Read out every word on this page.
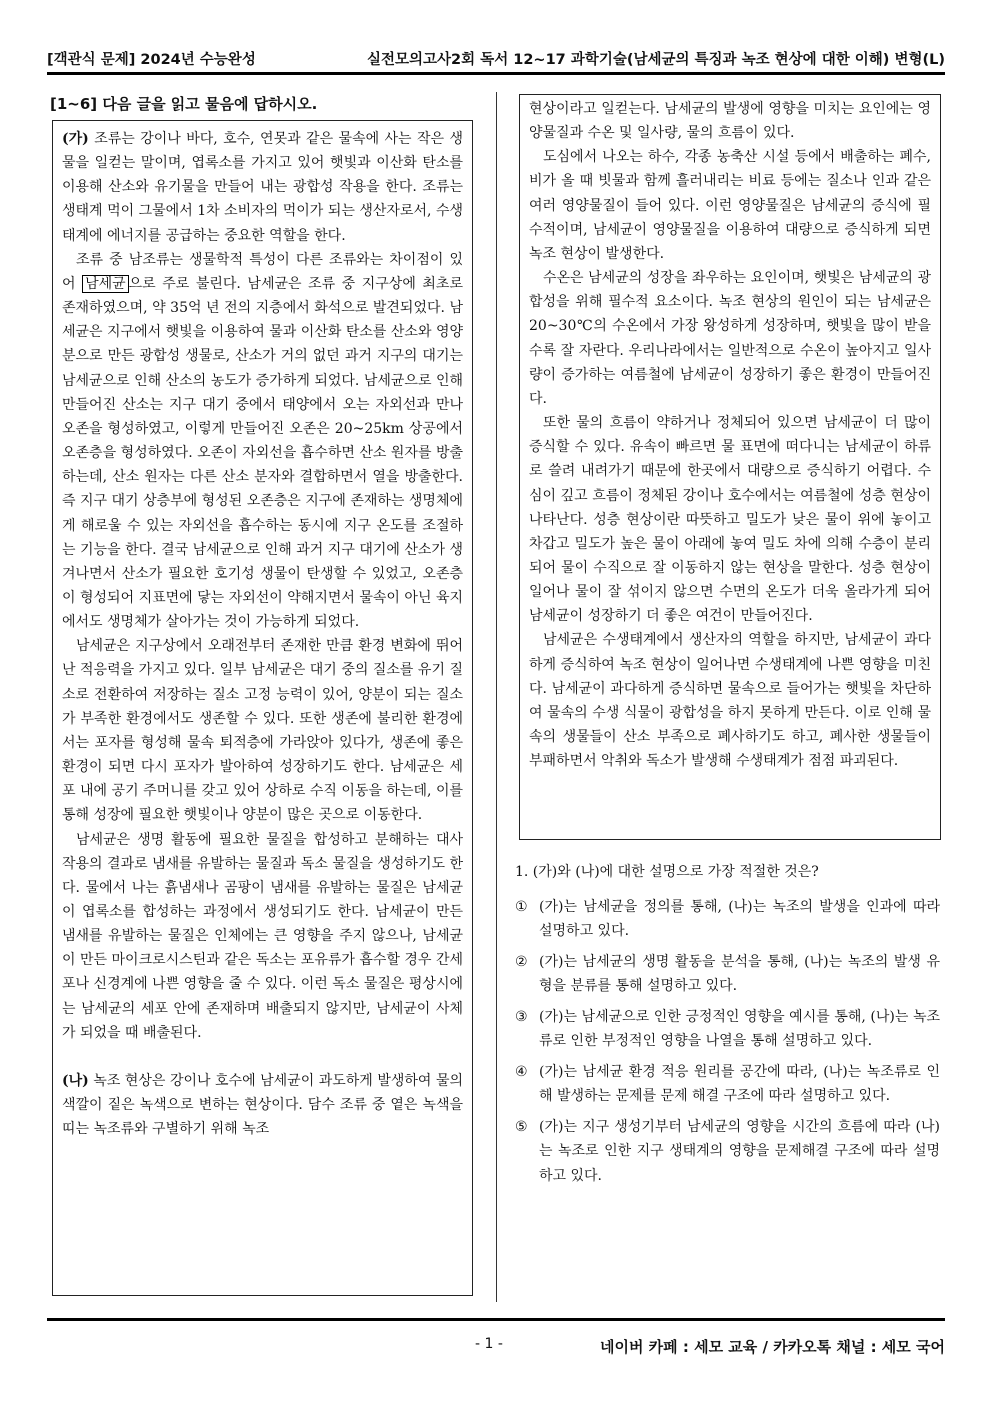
[객관식 문제] 2024년 수능완성	실전모의고사2회 독서 12~17 과학기술(남세균의 특징과 녹조 현상에 대한 이해) 변형(L)
[1~6] 다음 글을 읽고 물음에 답하시오.

(가) 조류는 강이나 바다, 호수, 연못과 같은 물속에 사는 작은 생물을 일컫는 말이며, 엽록소를 가지고 있어 햇빛과 이산화 탄소를 이용해 산소와 유기물을 만들어 내는 광합성 작용을 한다. 조류는 생태계 먹이 그물에서 1차 소비자의 먹이가 되는 생산자로서, 수생태계에 에너지를 공급하는 중요한 역할을 한다.

조류 중 남조류는 생물학적 특성이 다른 조류와는 차이점이 있어 남세균 으로 주로 불린다. 남세균은 조류 중 지구상에 최초로 존재하였으며, 약 35억 년 전의 지층에서 화석으로 발견되었다. 남세균은 지구에서 햇빛을 이용하여 물과 이산화 탄소를 산소와 영양분으로 만든 광합성 생물로, 산소가 거의 없던 과거 지구의 대기는 남세균으로 인해 산소의 농도가 증가하게 되었다. 남세균으로 인해 만들어진 산소는 지구 대기 중에서 태양에서 오는 자외선과 만나 오존을 형성하였고, 이렇게 만들어진 오존은 20~25km 상공에서 오존층을 형성하였다. 오존이 자외선을 흡수하면 산소 원자를 방출하는데, 산소 원자는 다른 산소 분자와 결합하면서 열을 방출한다. 즉 지구 대기 상층부에 형성된 오존층은 지구에 존재하는 생명체에게 해로울 수 있는 자외선을 흡수하는 동시에 지구 온도를 조절하는 기능을 한다. 결국 남세균으로 인해 과거 지구 대기에 산소가 생겨나면서 산소가 필요한 호기성 생물이 탄생할 수 있었고, 오존층이 형성되어 지표면에 닿는 자외선이 약해지면서 물속이 아닌 육지에서도 생명체가 살아가는 것이 가능하게 되었다.

남세균은 지구상에서 오래전부터 존재한 만큼 환경 변화에 뛰어난 적응력을 가지고 있다. 일부 남세균은 대기 중의 질소를 유기 질소로 전환하여 저장하는 질소 고정 능력이 있어, 양분이 되는 질소가 부족한 환경에서도 생존할 수 있다. 또한 생존에 불리한 환경에서는 포자를 형성해 물속 퇴적층에 가라앉아 있다가, 생존에 좋은 환경이 되면 다시 포자가 발아하여 성장하기도 한다. 남세균은 세포 내에 공기 주머니를 갖고 있어 상하로 수직 이동을 하는데, 이를 통해 성장에 필요한 햇빛이나 양분이 많은 곳으로 이동한다.

남세균은 생명 활동에 필요한 물질을 합성하고 분해하는 대사 작용의 결과로 냄새를 유발하는 물질과 독소 물질을 생성하기도 한다. 물에서 나는 흙냄새나 곰팡이 냄새를 유발하는 물질은 남세균이 엽록소를 합성하는 과정에서 생성되기도 한다. 남세균이 만든 냄새를 유발하는 물질은 인체에는 큰 영향을 주지 않으나, 남세균이 만든 마이크로시스틴과 같은 독소는 포유류가 흡수할 경우 간세포나 신경계에 나쁜 영향을 줄 수 있다. 이런 독소 물질은 평상시에는 남세균의 세포 안에 존재하며 배출되지 않지만, 남세균이 사체가 되었을 때 배출된다.

(나) 녹조 현상은 강이나 호수에 남세균이 과도하게 발생하여 물의 색깔이 짙은 녹색으로 변하는 현상이다. 담수 조류 중 옅은 녹색을 띠는 녹조류와 구별하기 위해 녹조

현상이라고 일컫는다. 남세균의 발생에 영향을 미치는 요인에는 영양물질과 수온 및 일사량, 물의 흐름이 있다.

도심에서 나오는 하수, 각종 농축산 시설 등에서 배출하는 폐수, 비가 올 때 빗물과 함께 흘러내리는 비료 등에는 질소나 인과 같은 여러 영양물질이 들어 있다. 이런 영양물질은 남세균의 증식에 필수적이며, 남세균이 영양물질을 이용하여 대량으로 증식하게 되면 녹조 현상이 발생한다.

수온은 남세균의 성장을 좌우하는 요인이며, 햇빛은 남세균의 광합성을 위해 필수적 요소이다. 녹조 현상의 원인이 되는 남세균은 20~30℃의 수온에서 가장 왕성하게 성장하며, 햇빛을 많이 받을수록 잘 자란다. 우리나라에서는 일반적으로 수온이 높아지고 일사량이 증가하는 여름철에 남세균이 성장하기 좋은 환경이 만들어진다.

또한 물의 흐름이 약하거나 정체되어 있으면 남세균이 더 많이 증식할 수 있다. 유속이 빠르면 물 표면에 떠다니는 남세균이 하류로 쓸려 내려가기 때문에 한곳에서 대량으로 증식하기 어렵다. 수심이 깊고 흐름이 정체된 강이나 호수에서는 여름철에 성층 현상이 나타난다. 성층 현상이란 따뜻하고 밀도가 낮은 물이 위에 놓이고 차갑고 밀도가 높은 물이 아래에 놓여 밀도 차에 의해 수층이 분리되어 물이 수직으로 잘 이동하지 않는 현상을 말한다. 성층 현상이 일어나 물이 잘 섞이지 않으면 수면의 온도가 더욱 올라가게 되어 남세균이 성장하기 더 좋은 여건이 만들어진다.

남세균은 수생태계에서 생산자의 역할을 하지만, 남세균이 과다하게 증식하여 녹조 현상이 일어나면 수생태계에 나쁜 영향을 미친다. 남세균이 과다하게 증식하면 물속으로 들어가는 햇빛을 차단하여 물속의 수생 식물이 광합성을 하지 못하게 만든다. 이로 인해 물속의 생물들이 산소 부족으로 폐사하기도 하고, 폐사한 생물들이 부패하면서 악취와 독소가 발생해 수생태계가 점점 파괴된다.

1. (가)와 (나)에 대한 설명으로 가장 적절한 것은?

① (가)는 남세균을 정의를 통해, (나)는 녹조의 발생을 인과에 따라 설명하고 있다.
② (가)는 남세균의 생명 활동을 분석을 통해, (나)는 녹조의 발생 유형을 분류를 통해 설명하고 있다.
③ (가)는 남세균으로 인한 긍정적인 영향을 예시를 통해, (나)는 녹조류로 인한 부정적인 영향을 나열을 통해 설명하고 있다.
④ (가)는 남세균 환경 적응 원리를 공간에 따라, (나)는 녹조류로 인해 발생하는 문제를 문제 해결 구조에 따라 설명하고 있다.
⑤ (가)는 지구 생성기부터 남세균의 영향을 시간의 흐름에 따라 (나)는 녹조로 인한 지구 생태계의 영향을 문제해결 구조에 따라 설명하고 있다.
- 1 -	네이버 카페 : 세모 교육 / 카카오톡 채널 : 세모 국어
